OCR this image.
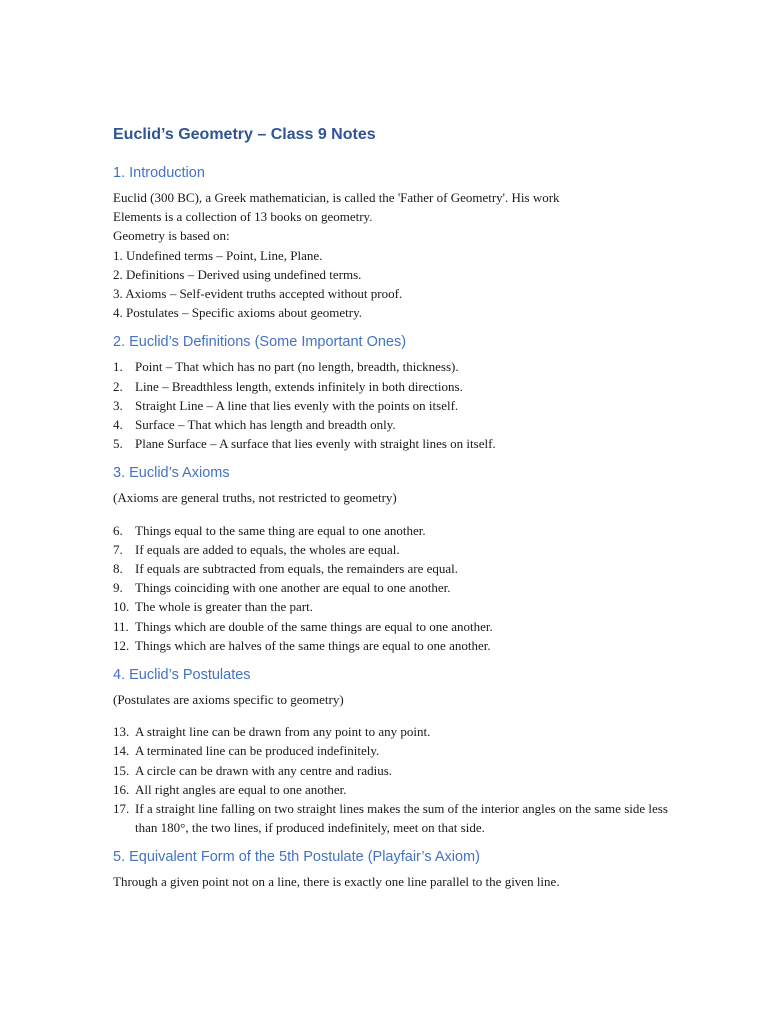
Euclid’s Geometry – Class 9 Notes
1. Introduction

Euclid (300 BC), a Greek mathematician, is called the 'Father of Geometry'. His work

Elements is a collection of 13 books on geometry.

Geometry is based on:

1. Undefined terms – Point, Line, Plane.

2. Definitions – Derived using undefined terms.

3. Axioms – Self-evident truths accepted without proof.

4. Postulates – Specific axioms about geometry.

2. Euclid’s Definitions (Some Important Ones)
1. Point – That which has no part (no length, breadth, thickness).
2. Line – Breadthless length, extends infinitely in both directions.
3. Straight Line – A line that lies evenly with the points on itself.
4. Surface – That which has length and breadth only.
5. Plane Surface – A surface that lies evenly with straight lines on itself.
3. Euclid’s Axioms

(Axioms are general truths, not restricted to geometry)

6. Things equal to the same thing are equal to one another.
7. If equals are added to equals, the wholes are equal.
8. If equals are subtracted from equals, the remainders are equal.
9. Things coinciding with one another are equal to one another.
10. The whole is greater than the part.
11. Things which are double of the same things are equal to one another.
12. Things which are halves of the same things are equal to one another.
4. Euclid’s Postulates

(Postulates are axioms specific to geometry)

13. A straight line can be drawn from any point to any point.
14. A terminated line can be produced indefinitely.
15. A circle can be drawn with any centre and radius.
16. All right angles are equal to one another.
17. If a straight line falling on two straight lines makes the sum of the interior angles on the same side less than 180°, the two lines, if produced indefinitely, meet on that side.
5. Equivalent Form of the 5th Postulate (Playfair’s Axiom)

Through a given point not on a line, there is exactly one line parallel to the given line.
